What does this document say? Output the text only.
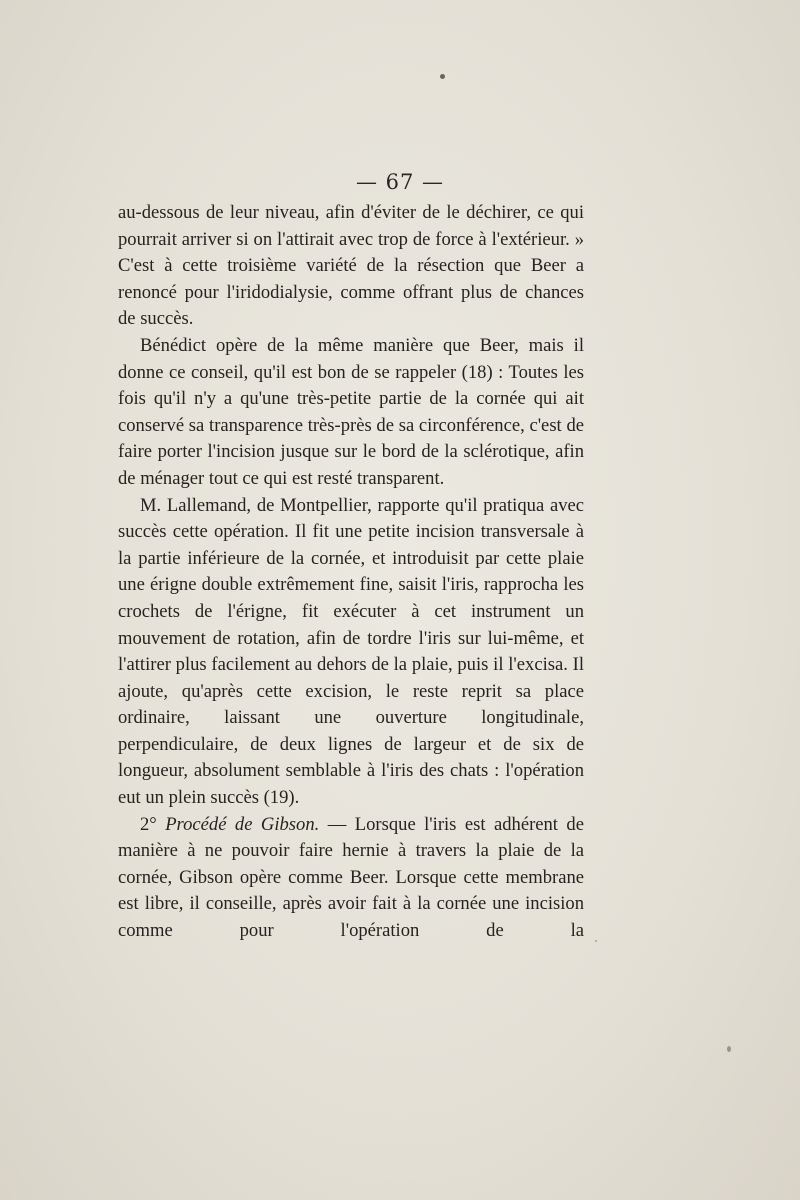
— 67 —

au-dessous de leur niveau, afin d'éviter de le déchirer, ce qui pourrait arriver si on l'attirait avec trop de force à l'extérieur. » C'est à cette troisième variété de la résection que Beer a renoncé pour l'iridodialysie, comme offrant plus de chances de succès.

Bénédict opère de la même manière que Beer, mais il donne ce conseil, qu'il est bon de se rappeler (18) : Toutes les fois qu'il n'y a qu'une très-petite partie de la cornée qui ait conservé sa transparence très-près de sa circonférence, c'est de faire porter l'incision jusque sur le bord de la sclérotique, afin de ménager tout ce qui est resté transparent.

M. Lallemand, de Montpellier, rapporte qu'il pratiqua avec succès cette opération. Il fit une petite incision transversale à la partie inférieure de la cornée, et introduisit par cette plaie une érigne double extrêmement fine, saisit l'iris, rapprocha les crochets de l'érigne, fit exécuter à cet instrument un mouvement de rotation, afin de tordre l'iris sur lui-même, et l'attirer plus facilement au dehors de la plaie, puis il l'excisa. Il ajoute, qu'après cette excision, le reste reprit sa place ordinaire, laissant une ouverture longitudinale, perpendiculaire, de deux lignes de largeur et de six de longueur, absolument semblable à l'iris des chats : l'opération eut un plein succès (19).

2° Procédé de Gibson. — Lorsque l'iris est adhérent de manière à ne pouvoir faire hernie à travers la plaie de la cornée, Gibson opère comme Beer. Lorsque cette membrane est libre, il conseille, après avoir fait à la cornée une incision comme pour l'opération de la
